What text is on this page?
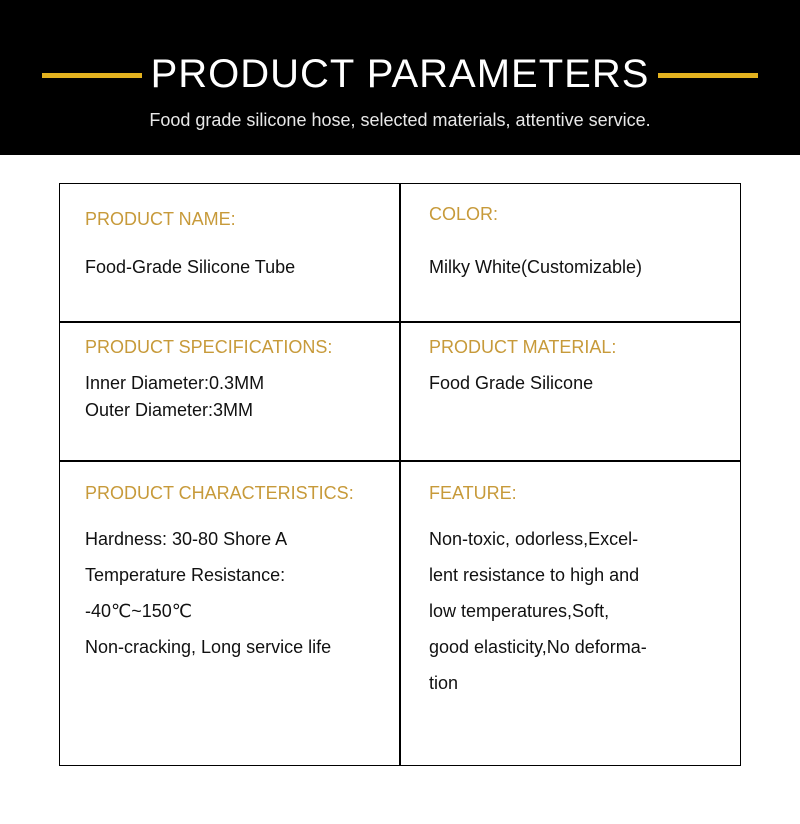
PRODUCT PARAMETERS
Food grade silicone hose, selected materials, attentive service.

PRODUCT NAME:

Food-Grade Silicone Tube

COLOR:

Milky White(Customizable)

PRODUCT SPECIFICATIONS:

Inner Diameter:0.3MM

Outer Diameter:3MM

PRODUCT MATERIAL:

Food Grade Silicone

PRODUCT CHARACTERISTICS:

Hardness: 30-80 Shore A

Temperature Resistance:

-40℃~150℃

Non-cracking, Long service life

FEATURE:

Non-toxic, odorless,Excel-

lent resistance to high and

low temperatures,Soft,

good elasticity,No deforma-

tion
